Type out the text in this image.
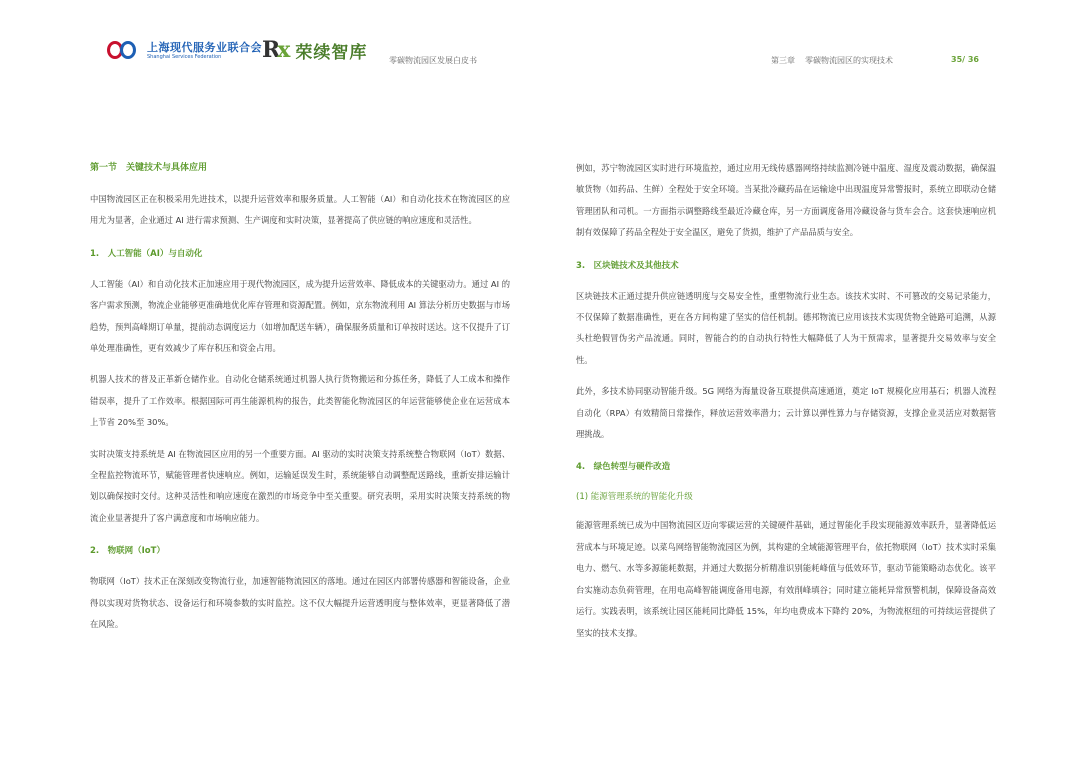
上海现代服务业联合会
Shanghai Services Federation	Rx 荣续智库	零碳物流园区发展白皮书	第三章 零碳物流园区的实现技术	35/ 36
第一节　关键技术与具体应用

中国物流园区正在积极采用先进技术，以提升运营效率和服务质量。人工智能（AI）和自动化技术在物流园区的应用尤为显著，企业通过 AI 进行需求预测、生产调度和实时决策，显著提高了供应链的响应速度和灵活性。

1.　人工智能（AI）与自动化

人工智能（AI）和自动化技术正加速应用于现代物流园区，成为提升运营效率、降低成本的关键驱动力。通过 AI 的客户需求预测，物流企业能够更准确地优化库存管理和资源配置。例如，京东物流利用 AI 算法分析历史数据与市场趋势，预判高峰期订单量，提前动态调度运力（如增加配送车辆），确保服务质量和订单按时送达。这不仅提升了订单处理准确性，更有效减少了库存积压和资金占用。

机器人技术的普及正革新仓储作业。自动化仓储系统通过机器人执行货物搬运和分拣任务，降低了人工成本和操作错误率，提升了工作效率。根据国际可再生能源机构的报告，此类智能化物流园区的年运营能够使企业在运营成本上节省 20%至 30%。

实时决策支持系统是 AI 在物流园区应用的另一个重要方面。AI 驱动的实时决策支持系统整合物联网（IoT）数据、全程监控物流环节，赋能管理者快速响应。例如，运输延误发生时，系统能够自动调整配送路线，重新安排运输计划以确保按时交付。这种灵活性和响应速度在激烈的市场竞争中至关重要。研究表明，采用实时决策支持系统的物流企业显著提升了客户满意度和市场响应能力。

2.　物联网（IoT）

物联网（IoT）技术正在深刻改变物流行业，加速智能物流园区的落地。通过在园区内部署传感器和智能设备，企业得以实现对货物状态、设备运行和环境参数的实时监控。这不仅大幅提升运营透明度与整体效率，更显著降低了潜在风险。

例如，苏宁物流园区实时进行环境监控，通过应用无线传感器网络持续监测冷链中温度、湿度及震动数据，确保温敏货物（如药品、生鲜）全程处于安全环境。当某批冷藏药品在运输途中出现温度异常警报时，系统立即联动仓储管理团队和司机。一方面指示调整路线至最近冷藏仓库，另一方面调度备用冷藏设备与货车会合。这套快速响应机制有效保障了药品全程处于安全温区，避免了货损，维护了产品品质与安全。

3.　区块链技术及其他技术

区块链技术正通过提升供应链透明度与交易安全性，重塑物流行业生态。该技术实时、不可篡改的交易记录能力，不仅保障了数据准确性，更在各方间构建了坚实的信任机制。德邦物流已应用该技术实现货物全链路可追溯，从源头杜绝假冒伪劣产品流通。同时，智能合约的自动执行特性大幅降低了人为干预需求，显著提升交易效率与安全性。

此外，多技术协同驱动智能升级。5G 网络为海量设备互联提供高速通道，奠定 IoT 规模化应用基石；机器人流程自动化（RPA）有效精简日常操作，释放运营效率潜力；云计算以弹性算力与存储资源，支撑企业灵活应对数据管理挑战。

4.　绿色转型与硬件改造
(1) 能源管理系统的智能化升级

能源管理系统已成为中国物流园区迈向零碳运营的关键硬件基础，通过智能化手段实现能源效率跃升，显著降低运营成本与环境足迹。以菜鸟网络智能物流园区为例，其构建的全域能源管理平台，依托物联网（IoT）技术实时采集电力、燃气、水等多源能耗数据，并通过大数据分析精准识别能耗峰值与低效环节，驱动节能策略动态优化。该平台实施动态负荷管理，在用电高峰智能调度备用电源，有效削峰填谷；同时建立能耗异常预警机制，保障设备高效运行。实践表明，该系统让园区能耗同比降低 15%，年均电费成本下降约 20%，为物流枢纽的可持续运营提供了坚实的技术支撑。
